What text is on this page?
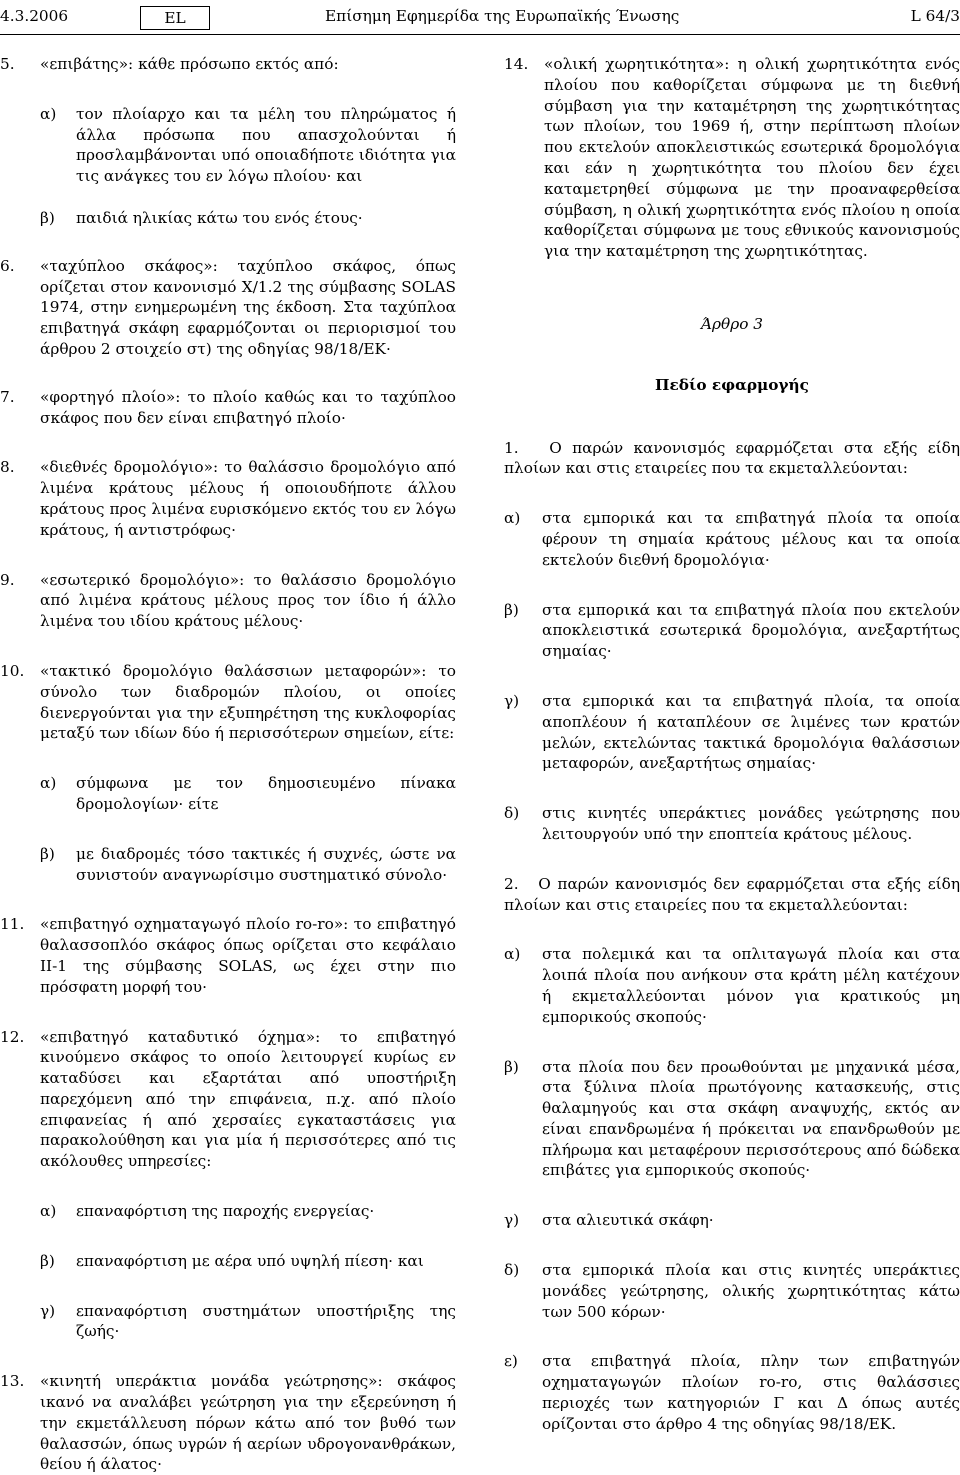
4.3.2006	EL	Επίσημη Εφημερίδα της Ευρωπαϊκής Ένωσης	L 64/3

5. «επιβάτης»: κάθε πρόσωπο εκτός από:

α) τον πλοίαρχο και τα μέλη του πληρώματος ή άλλα πρόσωπα που απασχολούνται ή προσλαμβάνονται υπό οποιαδήποτε ιδιότητα για τις ανάγκες του εν λόγω πλοίου· και

β) παιδιά ηλικίας κάτω του ενός έτους·

6. «ταχύπλοο σκάφος»: ταχύπλοο σκάφος, όπως ορίζεται στον κανονισμό X/1.2 της σύμβασης SOLAS 1974, στην ενημερωμένη της έκδοση. Στα ταχύπλοα επιβατηγά σκάφη εφαρμόζονται οι περιορισμοί του άρθρου 2 στοιχείο στ) της οδηγίας 98/18/ΕΚ·

7. «φορτηγό πλοίο»: το πλοίο καθώς και το ταχύπλοο σκάφος που δεν είναι επιβατηγό πλοίο·

8. «διεθνές δρομολόγιο»: το θαλάσσιο δρομολόγιο από λιμένα κράτους μέλους ή οποιουδήποτε άλλου κράτους προς λιμένα ευρισκόμενο εκτός του εν λόγω κράτους, ή αντιστρόφως·

9. «εσωτερικό δρομολόγιο»: το θαλάσσιο δρομολόγιο από λιμένα κράτους μέλους προς τον ίδιο ή άλλο λιμένα του ιδίου κράτους μέλους·

10. «τακτικό δρομολόγιο θαλάσσιων μεταφορών»: το σύνολο των διαδρομών πλοίου, οι οποίες διενεργούνται για την εξυπηρέτηση της κυκλοφορίας μεταξύ των ιδίων δύο ή περισσότερων σημείων, είτε:

α) σύμφωνα με τον δημοσιευμένο πίνακα δρομολογίων· είτε

β) με διαδρομές τόσο τακτικές ή συχνές, ώστε να συνιστούν αναγνωρίσιμο συστηματικό σύνολο·

11. «επιβατηγό οχηματαγωγό πλοίο ro-ro»: το επιβατηγό θαλασσοπλόο σκάφος όπως ορίζεται στο κεφάλαιο II-1 της σύμβασης SOLAS, ως έχει στην πιο πρόσφατη μορφή του·

12. «επιβατηγό καταδυτικό όχημα»: το επιβατηγό κινούμενο σκάφος το οποίο λειτουργεί κυρίως εν καταδύσει και εξαρτάται από υποστήριξη παρεχόμενη από την επιφάνεια, π.χ. από πλοίο επιφανείας ή από χερσαίες εγκαταστάσεις για παρακολούθηση και για μία ή περισσότερες από τις ακόλουθες υπηρεσίες:

α) επαναφόρτιση της παροχής ενεργείας·

β) επαναφόρτιση με αέρα υπό υψηλή πίεση· και

γ) επαναφόρτιση συστημάτων υποστήριξης της ζωής·

13. «κινητή υπεράκτια μονάδα γεώτρησης»: σκάφος ικανό να αναλάβει γεώτρηση για την εξερεύνηση ή την εκμετάλλευση πόρων κάτω από τον βυθό των θαλασσών, όπως υγρών ή αερίων υδρογονανθράκων, θείου ή άλατος·

14. «ολική χωρητικότητα»: η ολική χωρητικότητα ενός πλοίου που καθορίζεται σύμφωνα με τη διεθνή σύμβαση για την καταμέτρηση της χωρητικότητας των πλοίων, του 1969 ή, στην περίπτωση πλοίων που εκτελούν αποκλειστικώς εσωτερικά δρομολόγια και εάν η χωρητικότητα του πλοίου δεν έχει καταμετρηθεί σύμφωνα με την προαναφερθείσα σύμβαση, η ολική χωρητικότητα ενός πλοίου η οποία καθορίζεται σύμφωνα με τους εθνικούς κανονισμούς για την καταμέτρηση της χωρητικότητας.

Άρθρο 3

Πεδίο εφαρμογής

1.   Ο παρών κανονισμός εφαρμόζεται στα εξής είδη πλοίων και στις εταιρείες που τα εκμεταλλεύονται:

α) στα εμπορικά και τα επιβατηγά πλοία τα οποία φέρουν τη σημαία κράτους μέλους και τα οποία εκτελούν διεθνή δρομολόγια·

β) στα εμπορικά και τα επιβατηγά πλοία που εκτελούν αποκλειστικά εσωτερικά δρομολόγια, ανεξαρτήτως σημαίας·

γ) στα εμπορικά και τα επιβατηγά πλοία, τα οποία αποπλέουν ή καταπλέουν σε λιμένες των κρατών μελών, εκτελώντας τακτικά δρομολόγια θαλάσσιων μεταφορών, ανεξαρτήτως σημαίας·

δ) στις κινητές υπεράκτιες μονάδες γεώτρησης που λειτουργούν υπό την εποπτεία κράτους μέλους.

2.   Ο παρών κανονισμός δεν εφαρμόζεται στα εξής είδη πλοίων και στις εταιρείες που τα εκμεταλλεύονται:

α) στα πολεμικά και τα οπλιταγωγά πλοία και στα λοιπά πλοία που ανήκουν στα κράτη μέλη κατέχουν ή εκμεταλλεύονται μόνον για κρατικούς μη εμπορικούς σκοπούς·

β) στα πλοία που δεν προωθούνται με μηχανικά μέσα, στα ξύλινα πλοία πρωτόγονης κατασκευής, στις θαλαμηγούς και στα σκάφη αναψυχής, εκτός αν είναι επανδρωμένα ή πρόκειται να επανδρωθούν με πλήρωμα και μεταφέρουν περισσότερους από δώδεκα επιβάτες για εμπορικούς σκοπούς·

γ) στα αλιευτικά σκάφη·

δ) στα εμπορικά πλοία και στις κινητές υπεράκτιες μονάδες γεώτρησης, ολικής χωρητικότητας κάτω των 500 κόρων·

ε) στα επιβατηγά πλοία, πλην των επιβατηγών οχηματαγωγών πλοίων ro-ro, στις θαλάσσιες περιοχές των κατηγοριών Γ και Δ όπως αυτές ορίζονται στο άρθρο 4 της οδηγίας 98/18/ΕΚ.
